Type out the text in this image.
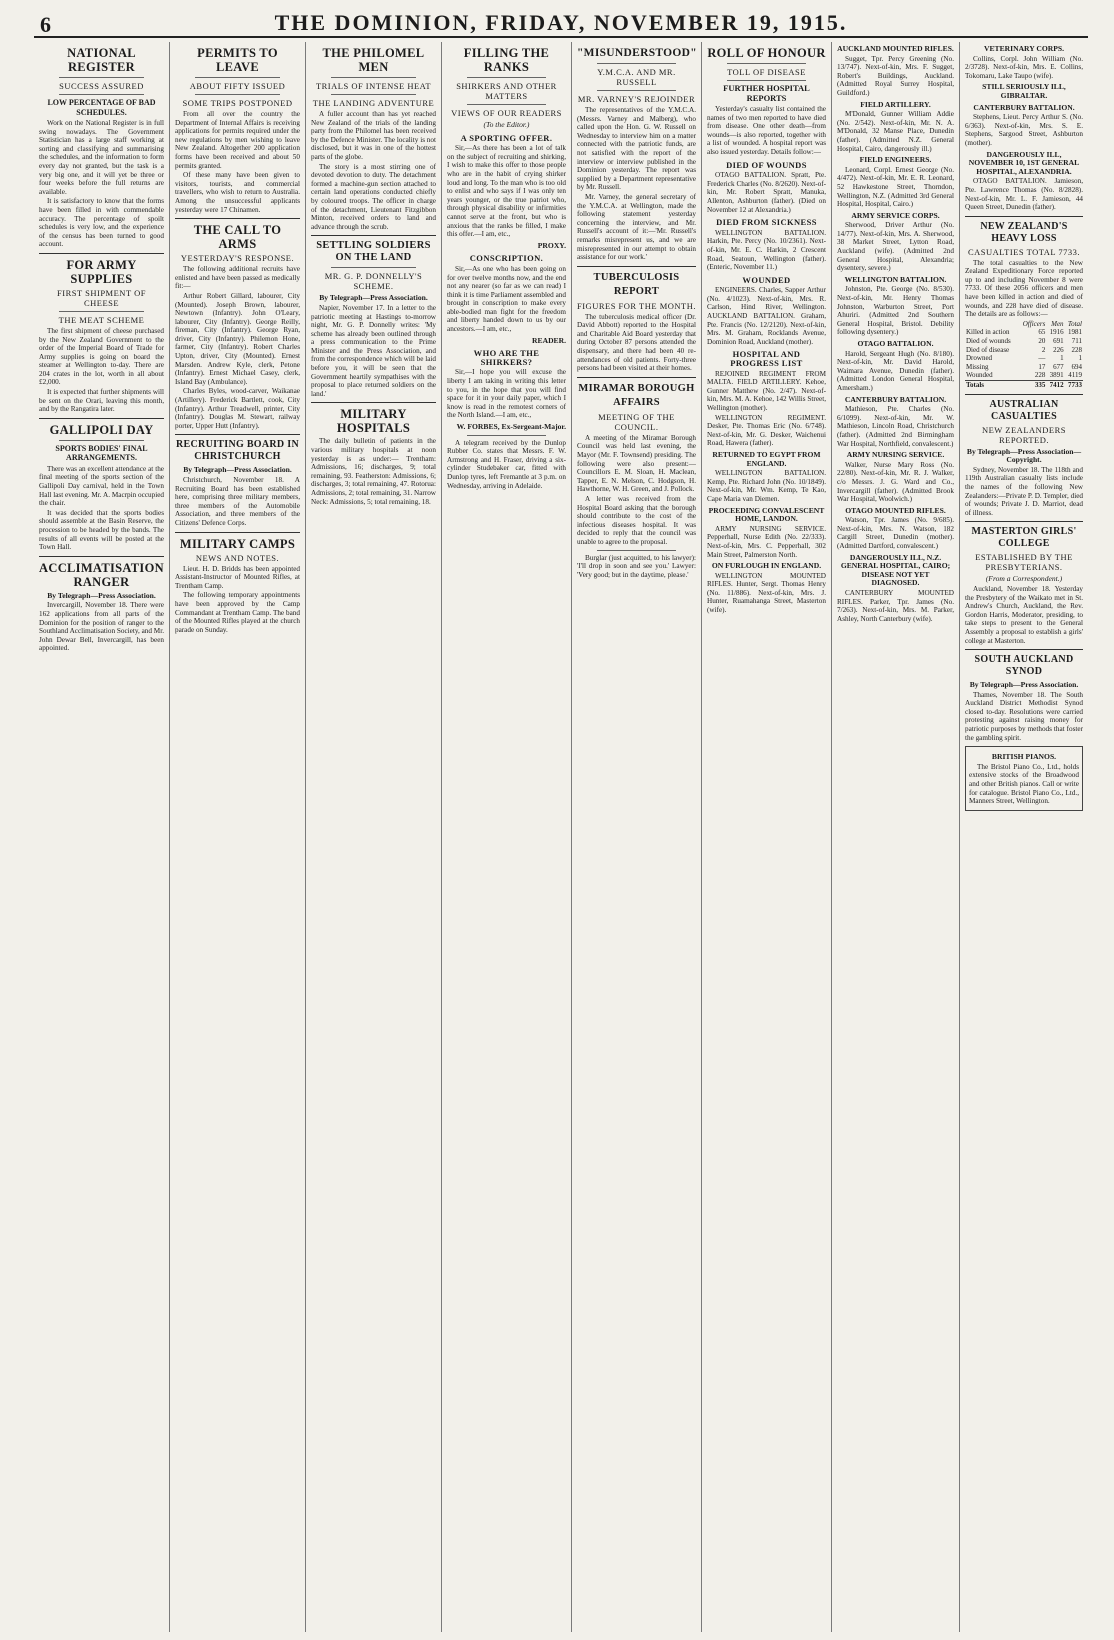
6	THE DOMINION, FRIDAY, NOVEMBER 19, 1915.
NATIONAL REGISTER
SUCCESS ASSURED
LOW PERCENTAGE OF BAD SCHEDULES.

Work on the National Register is in full swing nowadays. The Government Statistician has a large staff working at sorting and classifying and summarising the schedules, and the information to form every day not granted, but the task is a very big one, and it will yet be three or four weeks before the full returns are available.

It is satisfactory to know that the forms have been filled in with commendable accuracy. The percentage of spoilt schedules is very low, and the experience of the census has been turned to good account.

FOR ARMY SUPPLIES
FIRST SHIPMENT OF CHEESE
THE MEAT SCHEME

The first shipment of cheese purchased by the New Zealand Government to the order of the Imperial Board of Trade for Army supplies is going on board the steamer at Wellington to-day. There are 204 crates in the lot, worth in all about £2,000.

It is expected that further shipments will be sent on the Orari, leaving this month, and by the Rangatira later.

GALLIPOLI DAY
SPORTS BODIES' FINAL ARRANGEMENTS.

There was an excellent attendance at the final meeting of the sports section of the Gallipoli Day carnival, held in the Town Hall last evening. Mr. A. Macrpin occupied the chair.

It was decided that the sports bodies should assemble at the Basin Reserve, the procession to be headed by the bands. The results of all events will be posted at the Town Hall.

ACCLIMATISATION RANGER
By Telegraph—Press Association.

Invercargill, November 18. There were 162 applications from all parts of the Dominion for the position of ranger to the Southland Acclimatisation Society, and Mr. John Dewar Bell, Invercargill, has been appointed.

PERMITS TO LEAVE
ABOUT FIFTY ISSUED
SOME TRIPS POSTPONED

From all over the country the Department of Internal Affairs is receiving applications for permits required under the new regulations by men wishing to leave New Zealand. Altogether 200 application forms have been received and about 50 permits granted.

Of these many have been given to visitors, tourists, and commercial travellers, who wish to return to Australia. Among the unsuccessful applicants yesterday were 17 Chinamen.

THE CALL TO ARMS
YESTERDAY'S RESPONSE.

The following additional recruits have enlisted and have been passed as medically fit:—

Arthur Robert Gillard, labourer, City (Mounted). Joseph Brown, labourer, Newtown (Infantry). John O'Leary, labourer, City (Infantry). George Reilly, fireman, City (Infantry). George Ryan, driver, City (Infantry). Philemon Hone, farmer, City (Infantry). Robert Charles Upton, driver, City (Mounted). Ernest Marsden. Andrew Kyle, clerk, Petone (Infantry). Ernest Michael Casey, clerk, Island Bay (Ambulance).

Charles Byles, wood-carver, Waikanae (Artillery). Frederick Bartlett, cook, City (Infantry). Arthur Treadwell, printer, City (Infantry). Douglas M. Stewart, railway porter, Upper Hutt (Infantry).

RECRUITING BOARD IN CHRISTCHURCH
By Telegraph—Press Association.

Christchurch, November 18. A Recruiting Board has been established here, comprising three military members, three members of the Automobile Association, and three members of the Citizens' Defence Corps.

MILITARY CAMPS
NEWS AND NOTES.

Lieut. H. D. Bridds has been appointed Assistant-Instructor of Mounted Rifles, at Trentham Camp.

The following temporary appointments have been approved by the Camp Commandant at Trentham Camp. The band of the Mounted Rifles played at the church parade on Sunday.

THE PHILOMEL MEN
TRIALS OF INTENSE HEAT
THE LANDING ADVENTURE

A fuller account than has yet reached New Zealand of the trials of the landing party from the Philomel has been received by the Defence Minister. The locality is not disclosed, but it was in one of the hottest parts of the globe.

The story is a most stirring one of devoted devotion to duty. The detachment formed a machine-gun section attached to certain land operations conducted chiefly by coloured troops. The officer in charge of the detachment, Lieutenant Fitzgibbon Minton, received orders to land and advance through the scrub.

SETTLING SOLDIERS ON THE LAND
MR. G. P. DONNELLY'S SCHEME.
By Telegraph—Press Association.

Napier, November 17. In a letter to the patriotic meeting at Hastings to-morrow night, Mr. G. P. Donnelly writes: 'My scheme has already been outlined through a press communication to the Prime Minister and the Press Association, and from the correspondence which will be laid before you, it will be seen that the Government heartily sympathises with the proposal to place returned soldiers on the land.'

MILITARY HOSPITALS

The daily bulletin of patients in the various military hospitals at noon yesterday is as under:— Trentham: Admissions, 16; discharges, 9; total remaining, 93. Featherston: Admissions, 6; discharges, 3; total remaining, 47. Rotorua: Admissions, 2; total remaining, 31. Narrow Neck: Admissions, 5; total remaining, 18.

FILLING THE RANKS
SHIRKERS AND OTHER MATTERS
VIEWS OF OUR READERS
(To the Editor.)
A SPORTING OFFER.

Sir,—As there has been a lot of talk on the subject of recruiting and shirking, I wish to make this offer to those people who are in the habit of crying shirker loud and long. To the man who is too old to enlist and who says if I was only ten years younger, or the true patriot who, through physical disability or infirmities cannot serve at the front, but who is anxious that the ranks be filled, I make this offer.—I am, etc.,

PROXY.
CONSCRIPTION.

Sir,—As one who has been going on for over twelve months now, and the end not any nearer (so far as we can read) I think it is time Parliament assembled and brought in conscription to make every able-bodied man fight for the freedom and liberty handed down to us by our ancestors.—I am, etc.,

READER.
WHO ARE THE SHIRKERS?

Sir,—I hope you will excuse the liberty I am taking in writing this letter to you, in the hope that you will find space for it in your daily paper, which I know is read in the remotest corners of the North Island.—I am, etc.,

W. FORBES, Ex-Sergeant-Major.

A telegram received by the Dunlop Rubber Co. states that Messrs. F. W. Armstrong and H. Fraser, driving a six-cylinder Studebaker car, fitted with Dunlop tyres, left Fremantle at 3 p.m. on Wednesday, arriving in Adelaide.

"MISUNDERSTOOD"
Y.M.C.A. AND MR. RUSSELL
MR. VARNEY'S REJOINDER

The representatives of the Y.M.C.A. (Messrs. Varney and Malberg), who called upon the Hon. G. W. Russell on Wednesday to interview him on a matter connected with the patriotic funds, are not satisfied with the report of the interview or interview published in the Dominion yesterday. The report was supplied by a Department representative by Mr. Russell.

Mr. Varney, the general secretary of the Y.M.C.A. at Wellington, made the following statement yesterday concerning the interview, and Mr. Russell's account of it:—'Mr. Russell's remarks misrepresent us, and we are misrepresented in our attempt to obtain assistance for our work.'

TUBERCULOSIS REPORT
FIGURES FOR THE MONTH.

The tuberculosis medical officer (Dr. David Abbott) reported to the Hospital and Charitable Aid Board yesterday that during October 87 persons attended the dispensary, and there had been 40 re-attendances of old patients. Forty-three persons had been visited at their homes.

MIRAMAR BOROUGH AFFAIRS
MEETING OF THE COUNCIL.

A meeting of the Miramar Borough Council was held last evening, the Mayor (Mr. F. Townsend) presiding. The following were also present:—Councillors E. M. Sloan, H. Maclean, Tapper, E. N. Melson, C. Hodgson, H. Hawthorne, W. H. Green, and J. Pollock.

A letter was received from the Hospital Board asking that the borough should contribute to the cost of the infectious diseases hospital. It was decided to reply that the council was unable to agree to the proposal.

Burglar (just acquitted, to his lawyer): 'I'll drop in soon and see you.' Lawyer: 'Very good; but in the daytime, please.'

ROLL OF HONOUR
TOLL OF DISEASE
FURTHER HOSPITAL REPORTS

Yesterday's casualty list contained the names of two men reported to have died from disease. One other death—from wounds—is also reported, together with a list of wounded. A hospital report was also issued yesterday. Details follow:—

DIED OF WOUNDS

OTAGO BATTALION. Spratt, Pte. Frederick Charles (No. 8/2620). Next-of-kin, Mr. Robert Spratt, Manuka, Allenton, Ashburton (father). (Died on November 12 at Alexandria.)

DIED FROM SICKNESS

WELLINGTON BATTALION. Harkin, Pte. Percy (No. 10/2361). Next-of-kin, Mr. E. C. Harkin, 2 Crescent Road, Seatoun, Wellington (father). (Enteric, November 11.)

WOUNDED

ENGINEERS. Charles, Sapper Arthur (No. 4/1023). Next-of-kin, Mrs. R. Carlson, Hind River, Wellington. AUCKLAND BATTALION. Graham, Pte. Francis (No. 12/2120). Next-of-kin, Mrs. M. Graham, Rocklands Avenue, Dominion Road, Auckland (mother).

HOSPITAL AND PROGRESS LIST

REJOINED REGIMENT FROM MALTA. FIELD ARTILLERY. Kehoe, Gunner Matthew (No. 2/47). Next-of-kin, Mrs. M. A. Kehoe, 142 Willis Street, Wellington (mother).

WELLINGTON REGIMENT. Desker, Pte. Thomas Eric (No. 6/748). Next-of-kin, Mr. G. Desker, Waichenui Road, Hawera (father).

RETURNED TO EGYPT FROM ENGLAND.

WELLINGTON BATTALION. Kemp, Pte. Richard John (No. 10/1849). Next-of-kin, Mr. Wm. Kemp, Te Kao, Cape Maria van Diemen.

PROCEEDING CONVALESCENT HOME, LANDON.

ARMY NURSING SERVICE. Pepperhall, Nurse Edith (No. 22/333). Next-of-kin, Mrs. C. Pepperhall, 302 Main Street, Palmerston North.

ON FURLOUGH IN ENGLAND.

WELLINGTON MOUNTED RIFLES. Hunter, Sergt. Thomas Henry (No. 11/886). Next-of-kin, Mrs. J. Hunter, Ruamahanga Street, Masterton (wife).

AUCKLAND MOUNTED RIFLES.

Sugget, Tpr. Percy Greening (No. 13/747). Next-of-kin, Mrs. F. Sugget, Robert's Buildings, Auckland. (Admitted Royal Surrey Hospital, Guildford.)

FIELD ARTILLERY.

M'Donald, Gunner William Addie (No. 2/542). Next-of-kin, Mr. N. A. M'Donald, 32 Manse Place, Dunedin (father). (Admitted N.Z. General Hospital, Cairo, dangerously ill.)

FIELD ENGINEERS.

Leonard, Corpl. Ernest George (No. 4/472). Next-of-kin, Mr. E. R. Leonard, 52 Hawkestone Street, Thorndon, Wellington, N.Z. (Admitted 3rd General Hospital, Hospital, Cairo.)

ARMY SERVICE CORPS.

Sherwood, Driver Arthur (No. 14/77). Next-of-kin, Mrs. A. Sherwood, 38 Market Street, Lytton Road, Auckland (wife). (Admitted 2nd General Hospital, Alexandria; dysentery, severe.)

WELLINGTON BATTALION.

Johnston, Pte. George (No. 8/530). Next-of-kin, Mr. Henry Thomas Johnston, Warburton Street, Port Ahuriri. (Admitted 2nd Southern General Hospital, Bristol. Debility following dysentery.)

OTAGO BATTALION.

Harold, Sergeant Hugh (No. 8/180). Next-of-kin, Mr. David Harold, Waimara Avenue, Dunedin (father). (Admitted London General Hospital, Amersham.)

CANTERBURY BATTALION.

Mathieson, Pte. Charles (No. 6/1099). Next-of-kin, Mr. W. Mathieson, Lincoln Road, Christchurch (father). (Admitted 2nd Birmingham War Hospital, Northfield, convalescent.)

ARMY NURSING SERVICE.

Walker, Nurse Mary Ross (No. 22/80). Next-of-kin, Mr. R. J. Walker, c/o Messrs. J. G. Ward and Co., Invercargill (father). (Admitted Brook War Hospital, Woolwich.)

OTAGO MOUNTED RIFLES.

Watson, Tpr. James (No. 9/685). Next-of-kin, Mrs. N. Watson, 182 Cargill Street, Dunedin (mother). (Admitted Dartford, convalescent.)

DANGEROUSLY ILL, N.Z. GENERAL HOSPITAL, CAIRO; DISEASE NOT YET DIAGNOSED.

CANTERBURY MOUNTED RIFLES. Parker, Tpr. James (No. 7/263). Next-of-kin, Mrs. M. Parker, Ashley, North Canterbury (wife).

VETERINARY CORPS.

Collins, Corpl. John William (No. 2/3728). Next-of-kin, Mrs. E. Collins, Tokomaru, Lake Taupo (wife).

STILL SERIOUSLY ILL, GIBRALTAR.
CANTERBURY BATTALION.

Stephens, Lieut. Percy Arthur S. (No. 6/363). Next-of-kin, Mrs. S. E. Stephens, Sargood Street, Ashburton (mother).

DANGEROUSLY ILL, NOVEMBER 10, 1ST GENERAL HOSPITAL, ALEXANDRIA.

OTAGO BATTALION. Jamieson, Pte. Lawrence Thomas (No. 8/2828). Next-of-kin, Mr. L. F. Jamieson, 44 Queen Street, Dunedin (father).

NEW ZEALAND'S HEAVY LOSS
CASUALTIES TOTAL 7733.

The total casualties to the New Zealand Expeditionary Force reported up to and including November 8 were 7733. Of these 2056 officers and men have been killed in action and died of wounds, and 228 have died of disease. The details are as follows:—

	Officers	Men	Total
Killed in action	65	1916	1981
Died of wounds	20	691	711
Died of disease	2	226	228
Drowned	—	1	1
Missing	17	677	694
Wounded	228	3891	4119
Totals	335	7412	7733
AUSTRALIAN CASUALTIES
NEW ZEALANDERS REPORTED.
By Telegraph—Press Association—Copyright.

Sydney, November 18. The 118th and 119th Australian casualty lists include the names of the following New Zealanders:—Private P. D. Templer, died of wounds; Private J. D. Marriot, dead of illness.

MASTERTON GIRLS' COLLEGE
ESTABLISHED BY THE PRESBYTERIANS.
(From a Correspondent.)

Auckland, November 18. Yesterday the Presbytery of the Waikato met in St. Andrew's Church, Auckland, the Rev. Gordon Harris, Moderator, presiding, to take steps to present to the General Assembly a proposal to establish a girls' college at Masterton.

SOUTH AUCKLAND SYNOD
By Telegraph—Press Association.

Thames, November 18. The South Auckland District Methodist Synod closed to-day. Resolutions were carried protesting against raising money for patriotic purposes by methods that foster the gambling spirit.

BRITISH PIANOS.

The Bristol Piano Co., Ltd., holds extensive stocks of the Broadwood and other British pianos. Call or write for catalogue. Bristol Piano Co., Ltd., Manners Street, Wellington.
